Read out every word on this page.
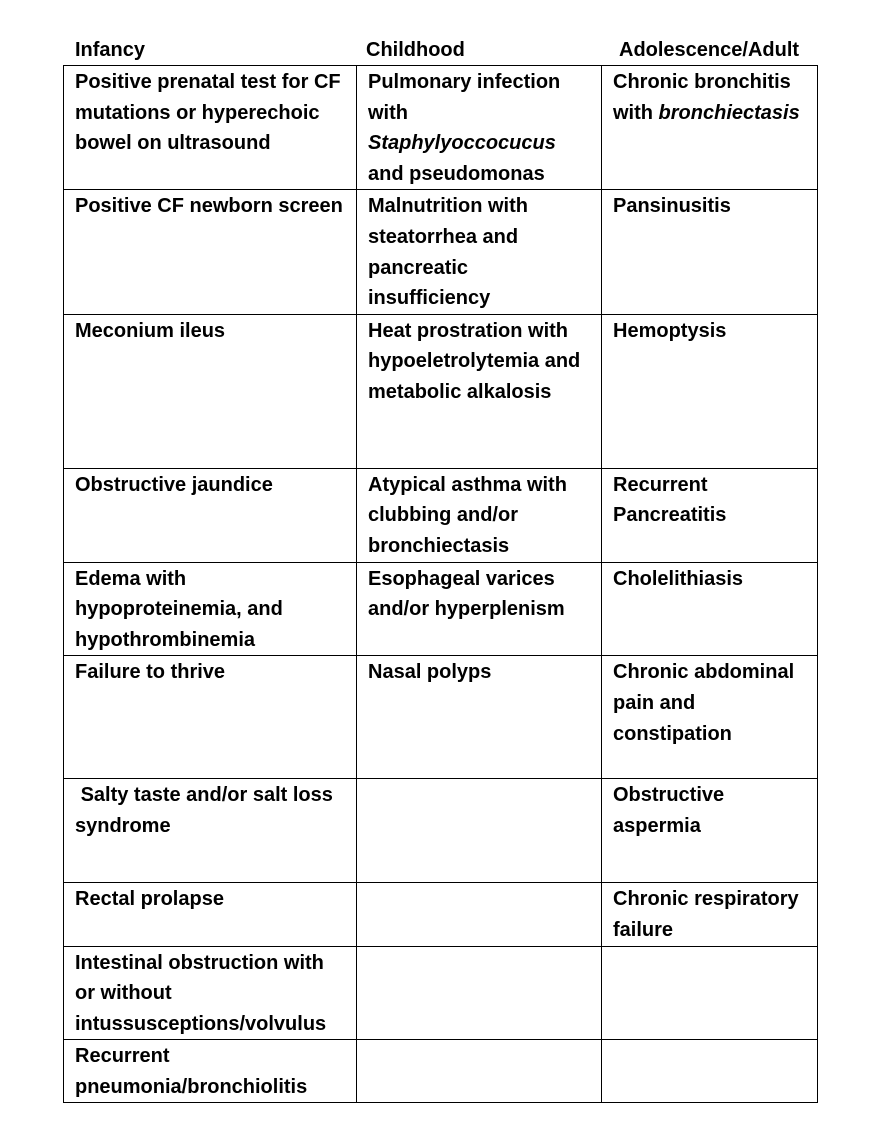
Infancy	Childhood	Adolescence/Adult
Positive prenatal test for CF mutations or hyperechoic bowel on ultrasound	Pulmonary infection with Staphylyoccocucus and pseudomonas	Chronic bronchitis with bronchiectasis
Positive CF newborn screen	Malnutrition with steatorrhea and pancreatic insufficiency	Pansinusitis
Meconium ileus	Heat prostration with hypoeletrolytemia and metabolic alkalosis	Hemoptysis
Obstructive jaundice	Atypical asthma with clubbing and/or bronchiectasis	Recurrent Pancreatitis
Edema with hypoproteinemia, and hypothrombinemia	Esophageal varices and/or hyperplenism	Cholelithiasis
Failure to thrive	Nasal polyps	Chronic abdominal pain and constipation
Salty taste and/or salt loss syndrome		Obstructive aspermia
Rectal prolapse		Chronic respiratory failure
Intestinal obstruction with or without intussusceptions/volvulus		
Recurrent pneumonia/bronchiolitis		
